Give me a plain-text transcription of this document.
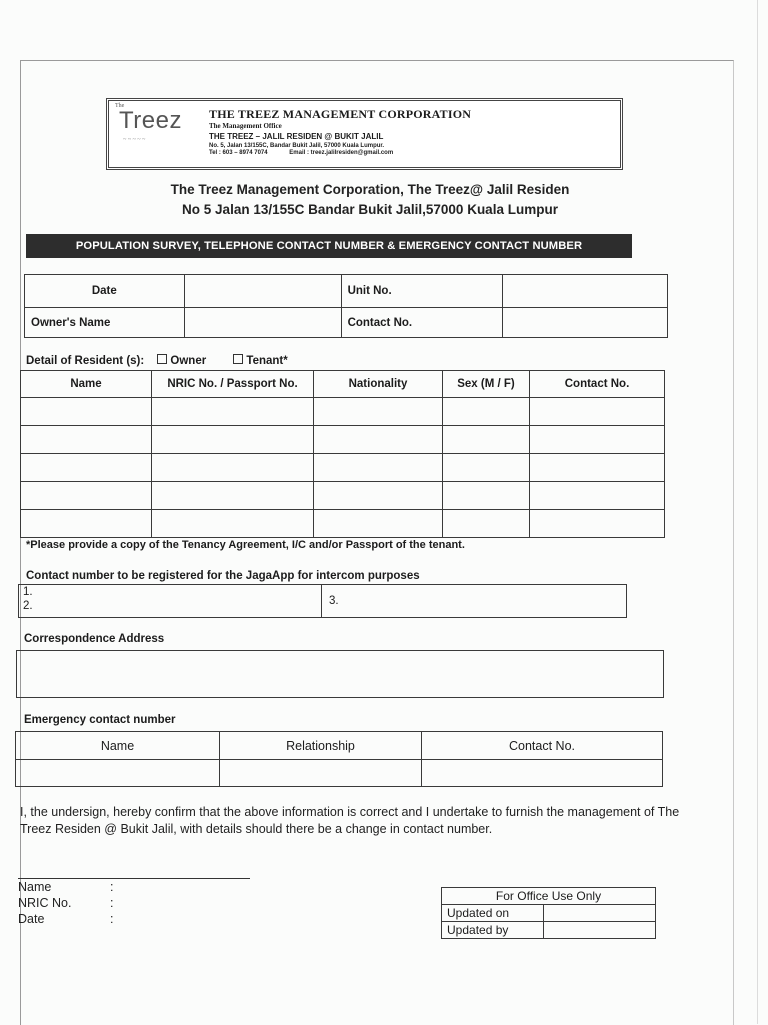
The
Treez
~ ~ ~ ~ ~
THE TREEZ MANAGEMENT CORPORATION
The Management Office
THE TREEZ – JALIL RESIDEN @ BUKIT JALIL
No. 5, Jalan 13/155C, Bandar Bukit Jalil, 57000 Kuala Lumpur.
Tel : 603 – 8974 7074	Email : treez.jalilresiden@gmail.com
The Treez Management Corporation, The Treez@ Jalil Residen
No 5 Jalan 13/155C Bandar Bukit Jalil,57000 Kuala Lumpur
POPULATION SURVEY, TELEPHONE CONTACT NUMBER & EMERGENCY CONTACT NUMBER
Date		Unit No.	
Owner's Name		Contact No.	
Detail of Resident (s): Owner	Tenant*
Name	NRIC No. / Passport No.	Nationality	Sex (M / F)	Contact No.

*Please provide a copy of the Tenancy Agreement, I/C and/or Passport of the tenant.
Contact number to be registered for the JagaApp for intercom purposes
1.
2.	3.
Correspondence Address
Emergency contact number
Name	Relationship	Contact No.

I, the undersign, hereby confirm that the above information is correct and I undertake to furnish the management of The Treez Residen @ Bukit Jalil, with details should there be a change in contact number.
Name	:
NRIC No.	:
Date	:
For Office Use Only	
Updated on	
Updated by	
